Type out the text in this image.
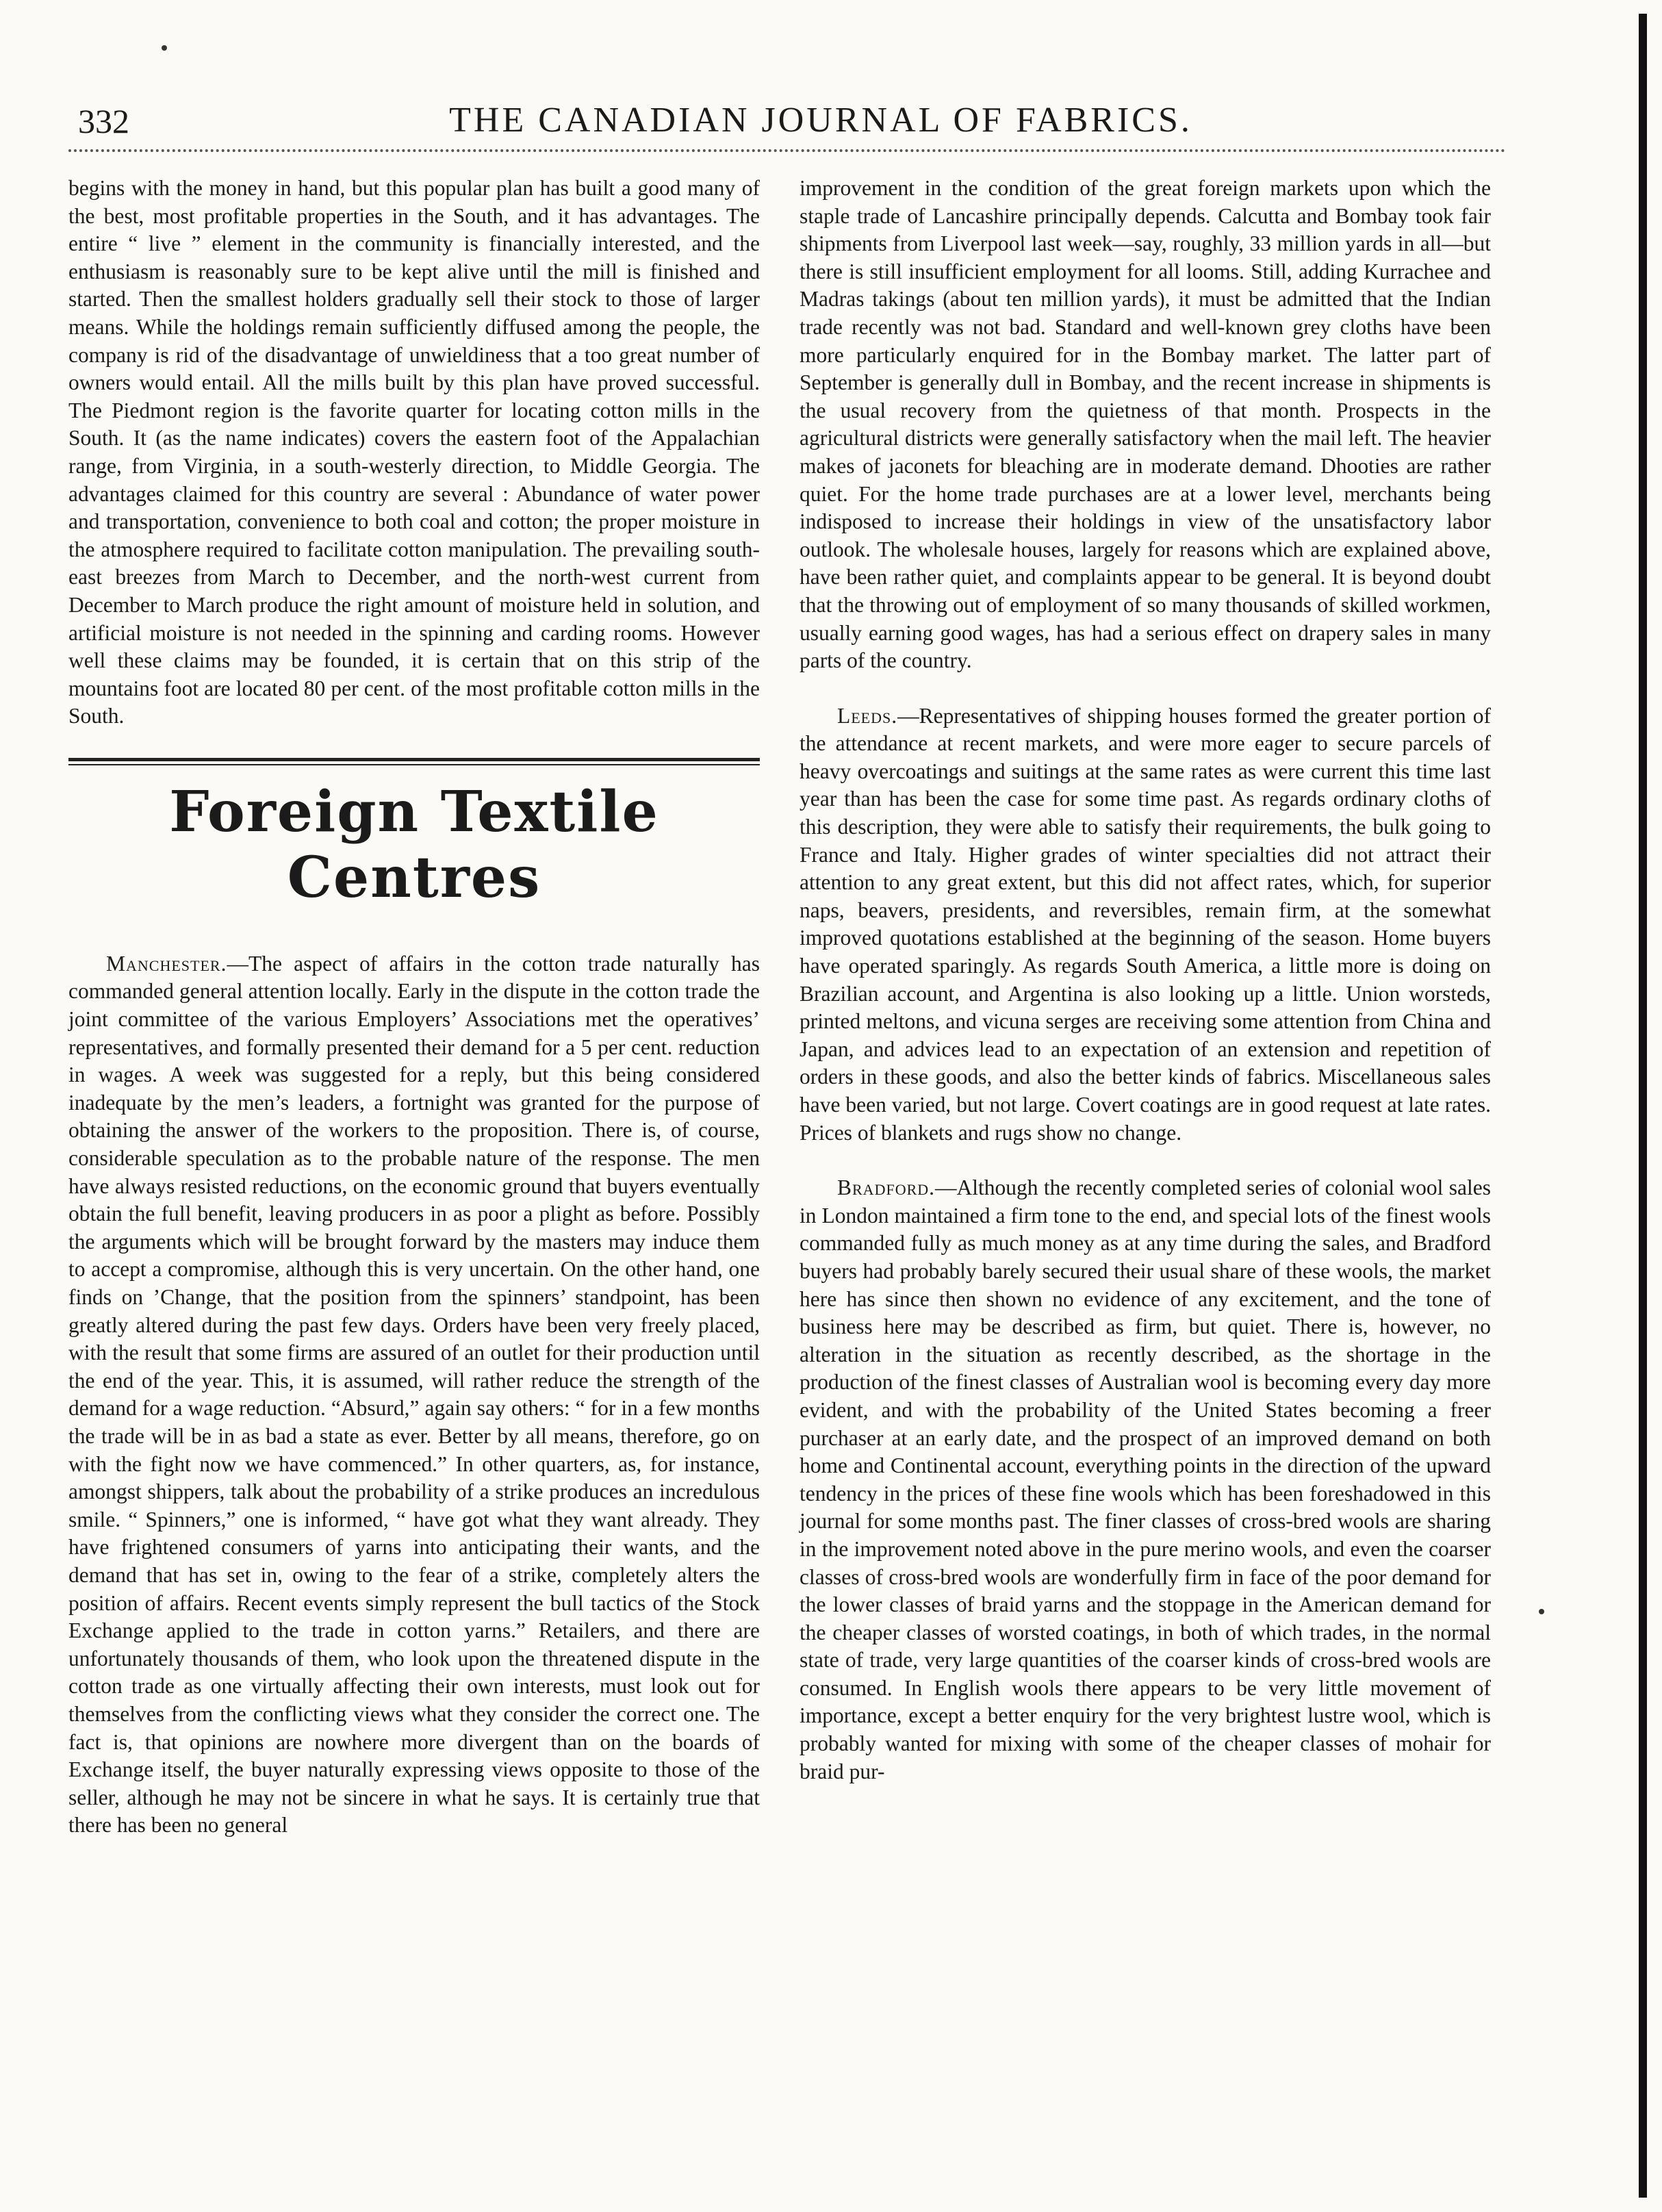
332	THE CANADIAN JOURNAL OF FABRICS.

begins with the money in hand, but this popular plan has built a good many of the best, most profitable properties in the South, and it has advantages. The entire “ live ” element in the community is financially interested, and the enthusiasm is reasonably sure to be kept alive until the mill is finished and started. Then the smallest holders gradually sell their stock to those of larger means. While the holdings remain sufficiently diffused among the people, the company is rid of the disadvantage of unwieldiness that a too great number of owners would entail. All the mills built by this plan have proved successful. The Piedmont region is the favorite quarter for locating cotton mills in the South. It (as the name indicates) covers the eastern foot of the Appalachian range, from Virginia, in a south-westerly direction, to Middle Georgia. The advantages claimed for this country are several : Abundance of water power and transportation, convenience to both coal and cotton; the proper moisture in the atmosphere required to facilitate cotton manipulation. The prevailing south-east breezes from March to December, and the north-west current from December to March produce the right amount of moisture held in solution, and artificial moisture is not needed in the spinning and carding rooms. However well these claims may be founded, it is certain that on this strip of the mountains foot are located 80 per cent. of the most profitable cotton mills in the South.

Foreign Textile Centres

Manchester.—The aspect of affairs in the cotton trade naturally has commanded general attention locally. Early in the dispute in the cotton trade the joint committee of the various Employers’ Associations met the operatives’ representatives, and formally presented their demand for a 5 per cent. reduction in wages. A week was suggested for a reply, but this being considered inadequate by the men’s leaders, a fortnight was granted for the purpose of obtaining the answer of the workers to the proposition. There is, of course, considerable speculation as to the probable nature of the response. The men have always resisted reductions, on the economic ground that buyers eventually obtain the full benefit, leaving producers in as poor a plight as before. Possibly the arguments which will be brought forward by the masters may induce them to accept a compromise, although this is very uncertain. On the other hand, one finds on ’Change, that the position from the spinners’ standpoint, has been greatly altered during the past few days. Orders have been very freely placed, with the result that some firms are assured of an outlet for their production until the end of the year. This, it is assumed, will rather reduce the strength of the demand for a wage reduction. “Absurd,” again say others: “ for in a few months the trade will be in as bad a state as ever. Better by all means, therefore, go on with the fight now we have commenced.” In other quarters, as, for instance, amongst shippers, talk about the probability of a strike produces an incredulous smile. “ Spinners,” one is informed, “ have got what they want already. They have frightened consumers of yarns into anticipating their wants, and the demand that has set in, owing to the fear of a strike, completely alters the position of affairs. Recent events simply represent the bull tactics of the Stock Exchange applied to the trade in cotton yarns.” Retailers, and there are unfortunately thousands of them, who look upon the threatened dispute in the cotton trade as one virtually affecting their own interests, must look out for themselves from the conflicting views what they consider the correct one. The fact is, that opinions are nowhere more divergent than on the boards of Exchange itself, the buyer naturally expressing views opposite to those of the seller, although he may not be sincere in what he says. It is certainly true that there has been no general

improvement in the condition of the great foreign markets upon which the staple trade of Lancashire principally depends. Calcutta and Bombay took fair shipments from Liverpool last week—say, roughly, 33 million yards in all—but there is still insufficient employment for all looms. Still, adding Kurrachee and Madras takings (about ten million yards), it must be admitted that the Indian trade recently was not bad. Standard and well-known grey cloths have been more particularly enquired for in the Bombay market. The latter part of September is generally dull in Bombay, and the recent increase in shipments is the usual recovery from the quietness of that month. Prospects in the agricultural districts were generally satisfactory when the mail left. The heavier makes of jaconets for bleaching are in moderate demand. Dhooties are rather quiet. For the home trade purchases are at a lower level, merchants being indisposed to increase their holdings in view of the unsatisfactory labor outlook. The wholesale houses, largely for reasons which are explained above, have been rather quiet, and complaints appear to be general. It is beyond doubt that the throwing out of employment of so many thousands of skilled workmen, usually earning good wages, has had a serious effect on drapery sales in many parts of the country.

Leeds.—Representatives of shipping houses formed the greater portion of the attendance at recent markets, and were more eager to secure parcels of heavy overcoatings and suitings at the same rates as were current this time last year than has been the case for some time past. As regards ordinary cloths of this description, they were able to satisfy their requirements, the bulk going to France and Italy. Higher grades of winter specialties did not attract their attention to any great extent, but this did not affect rates, which, for superior naps, beavers, presidents, and reversibles, remain firm, at the somewhat improved quotations established at the beginning of the season. Home buyers have operated sparingly. As regards South America, a little more is doing on Brazilian account, and Argentina is also looking up a little. Union worsteds, printed meltons, and vicuna serges are receiving some attention from China and Japan, and advices lead to an expectation of an extension and repetition of orders in these goods, and also the better kinds of fabrics. Miscellaneous sales have been varied, but not large. Covert coatings are in good request at late rates. Prices of blankets and rugs show no change.

Bradford.—Although the recently completed series of colonial wool sales in London maintained a firm tone to the end, and special lots of the finest wools commanded fully as much money as at any time during the sales, and Bradford buyers had probably barely secured their usual share of these wools, the market here has since then shown no evidence of any excitement, and the tone of business here may be described as firm, but quiet. There is, however, no alteration in the situation as recently described, as the shortage in the production of the finest classes of Australian wool is becoming every day more evident, and with the probability of the United States becoming a freer purchaser at an early date, and the prospect of an improved demand on both home and Continental account, everything points in the direction of the upward tendency in the prices of these fine wools which has been foreshadowed in this journal for some months past. The finer classes of cross-bred wools are sharing in the improvement noted above in the pure merino wools, and even the coarser classes of cross-bred wools are wonderfully firm in face of the poor demand for the lower classes of braid yarns and the stoppage in the American demand for the cheaper classes of worsted coatings, in both of which trades, in the normal state of trade, very large quantities of the coarser kinds of cross-bred wools are consumed. In English wools there appears to be very little movement of importance, except a better enquiry for the very brightest lustre wool, which is probably wanted for mixing with some of the cheaper classes of mohair for braid pur-
